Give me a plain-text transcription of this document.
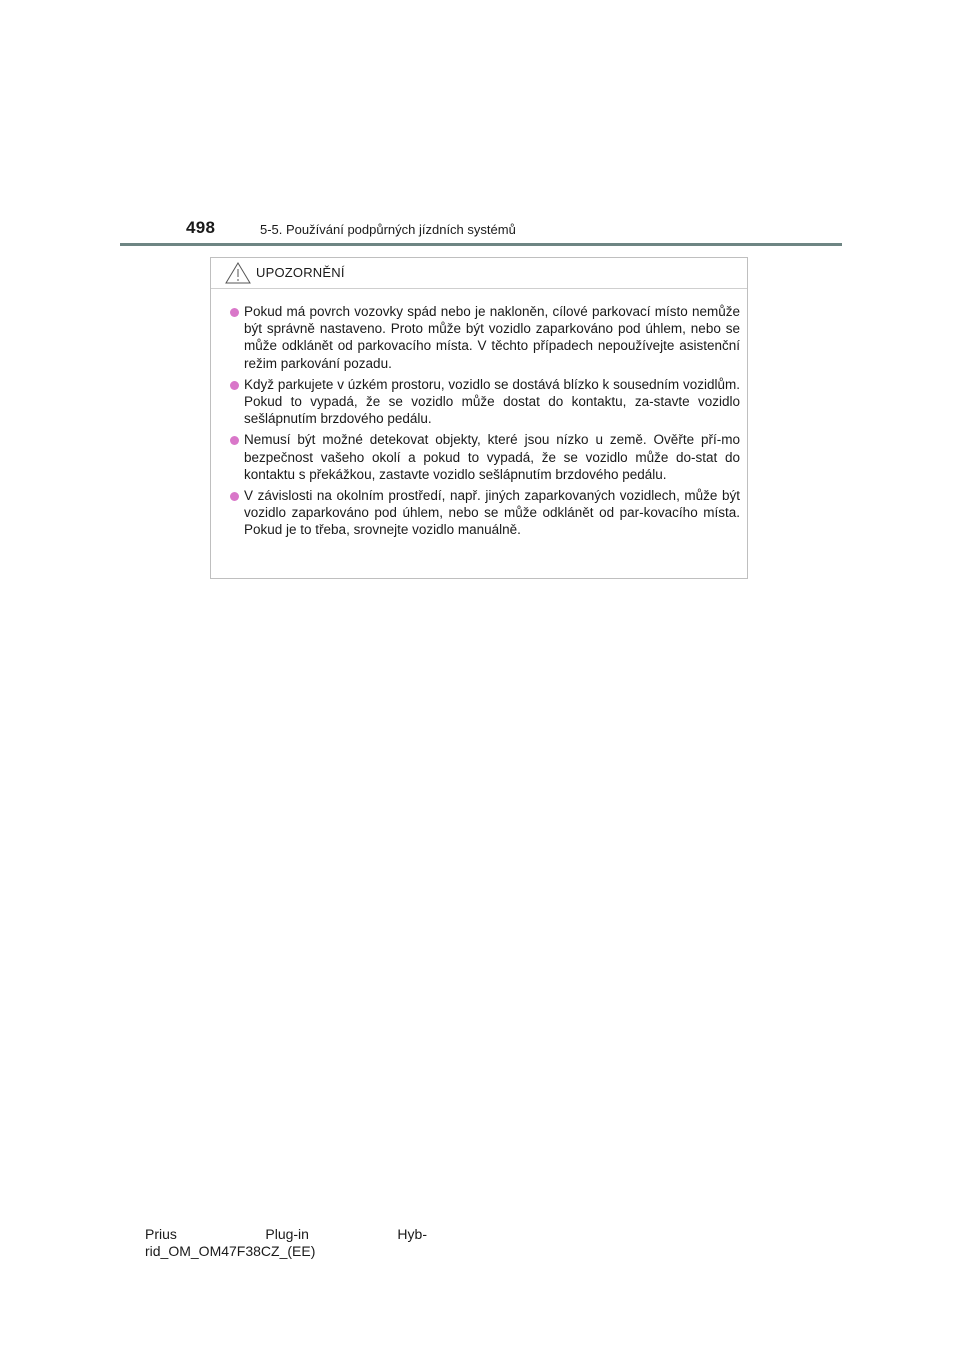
498	5-5. Používání podpůrných jízdních systémů
UPOZORNĚNÍ
Pokud má povrch vozovky spád nebo je nakloněn, cílové parkovací místo nemůže být správně nastaveno. Proto může být vozidlo zaparkováno pod úhlem, nebo se může odklánět od parkovacího místa. V těchto případech nepoužívejte asistenční režim parkování pozadu.
Když parkujete v úzkém prostoru, vozidlo se dostává blízko k sousedním vozidlům. Pokud to vypadá, že se vozidlo může dostat do kontaktu, za-stavte vozidlo sešlápnutím brzdového pedálu.
Nemusí být možné detekovat objekty, které jsou nízko u země. Ověřte pří-mo bezpečnost vašeho okolí a pokud to vypadá, že se vozidlo může do-stat do kontaktu s překážkou, zastavte vozidlo sešlápnutím brzdového pedálu.
V závislosti na okolním prostředí, např. jiných zaparkovaných vozidlech, může být vozidlo zaparkováno pod úhlem, nebo se může odklánět od par-kovacího místa. Pokud je to třeba, srovnejte vozidlo manuálně.
Prius Plug-in Hyb-rid_OM_OM47F38CZ_(EE)
